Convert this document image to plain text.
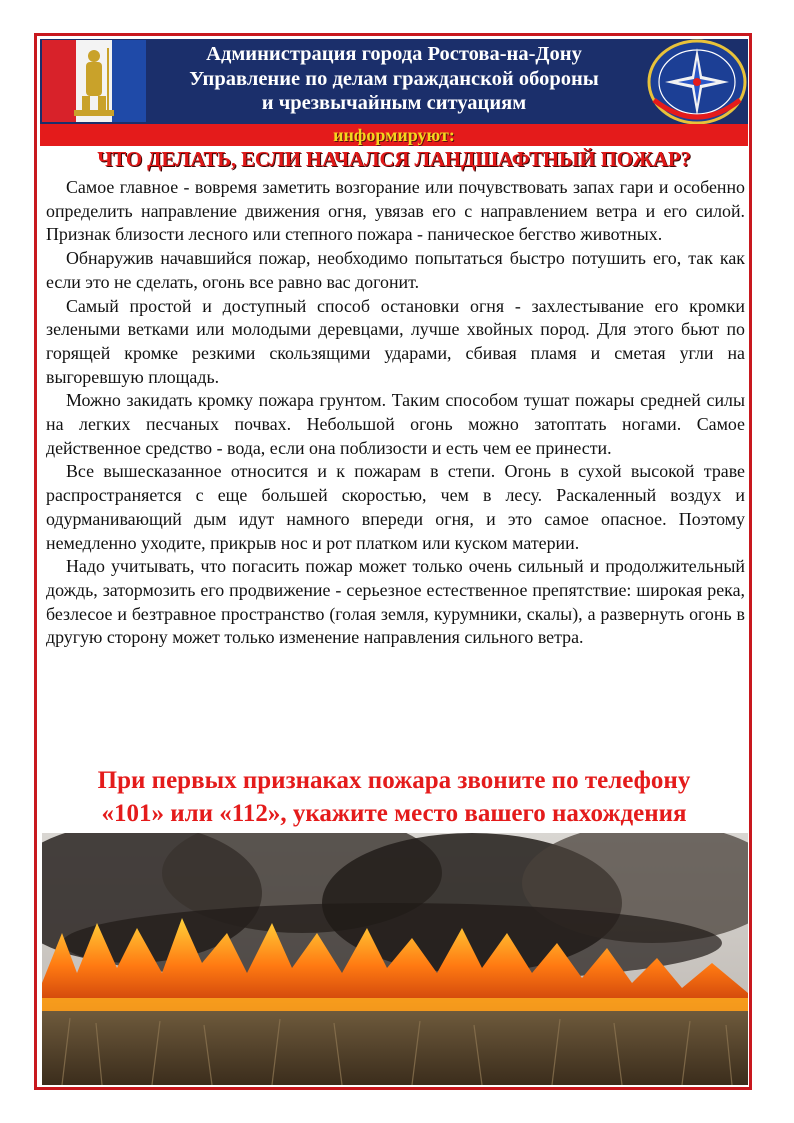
Администрация города Ростова-на-Дону
Управление по делам гражданской обороны
и чрезвычайным ситуациям
информируют:
ЧТО ДЕЛАТЬ, ЕСЛИ НАЧАЛСЯ ЛАНДШАФТНЫЙ ПОЖАР?

Самое главное - вовремя заметить возгорание или почувствовать запах гари и особенно определить направление движения огня, увязав его с направлением ветра и его силой. Признак близости лесного или степного пожара - паническое бегство животных.

Обнаружив начавшийся пожар, необходимо попытаться быстро потушить его, так как если это не сделать, огонь все равно вас догонит.

Самый простой и доступный способ остановки огня - захлестывание его кромки зелеными ветками или молодыми деревцами, лучше хвойных пород. Для этого бьют по горящей кромке резкими скользящими ударами, сбивая пламя и сметая угли на выгоревшую площадь.

Можно закидать кромку пожара грунтом. Таким способом тушат пожары средней силы на легких песчаных почвах. Небольшой огонь можно затоптать ногами. Самое действенное средство - вода, если она поблизости и есть чем ее принести.

Все вышесказанное относится и к пожарам в степи. Огонь в сухой высокой траве распространяется с еще большей скоростью, чем в лесу. Раскаленный воздух и одурманивающий дым идут намного впереди огня, и это самое опасное. Поэтому немедленно уходите, прикрыв нос и рот платком или куском материи.

Надо учитывать, что погасить пожар может только очень сильный и продолжительный дождь, затормозить его продвижение - серьезное естественное препятствие: широкая река, безлесое и безтравное пространство (голая земля, курумники, скалы), а развернуть огонь в другую сторону может только изменение направления сильного ветра.

При первых признаках пожара звоните по телефону
«101» или «112», укажите место вашего нахождения
